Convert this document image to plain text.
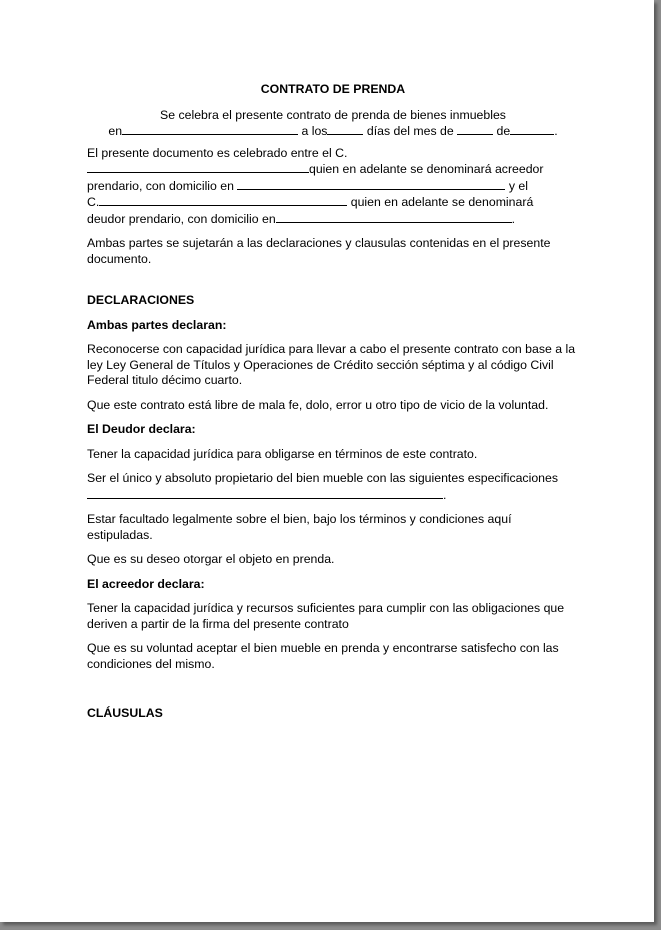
CONTRATO DE PRENDA
Se celebra el presente contrato de prenda de bienes inmuebles
en	a los	días del mes de	de	.

El presente documento es celebrado entre el C.
quien en adelante se denominará acreedor
prendario, con domicilio en	y el
C.	quien en adelante se denominará
deudor prendario, con domicilio en	.

Ambas partes se sujetarán a las declaraciones y clausulas contenidas en el presente documento.

DECLARACIONES
Ambas partes declaran:

Reconocerse con capacidad jurídica para llevar a cabo el presente contrato con base a la ley Ley General de Títulos y Operaciones de Crédito sección séptima y al código Civil Federal titulo décimo cuarto.

Que este contrato está libre de mala fe, dolo, error u otro tipo de vicio de la voluntad.

El Deudor declara:

Tener la capacidad jurídica para obligarse en términos de este contrato.

Ser el único y absoluto propietario del bien mueble con las siguientes especificaciones
.

Estar facultado legalmente sobre el bien, bajo los términos y condiciones aquí estipuladas.

Que es su deseo otorgar el objeto en prenda.

El acreedor declara:

Tener la capacidad jurídica y recursos suficientes para cumplir con las obligaciones que deriven a partir de la firma del presente contrato

Que es su voluntad aceptar el bien mueble en prenda y encontrarse satisfecho con las condiciones del mismo.

CLÁUSULAS
